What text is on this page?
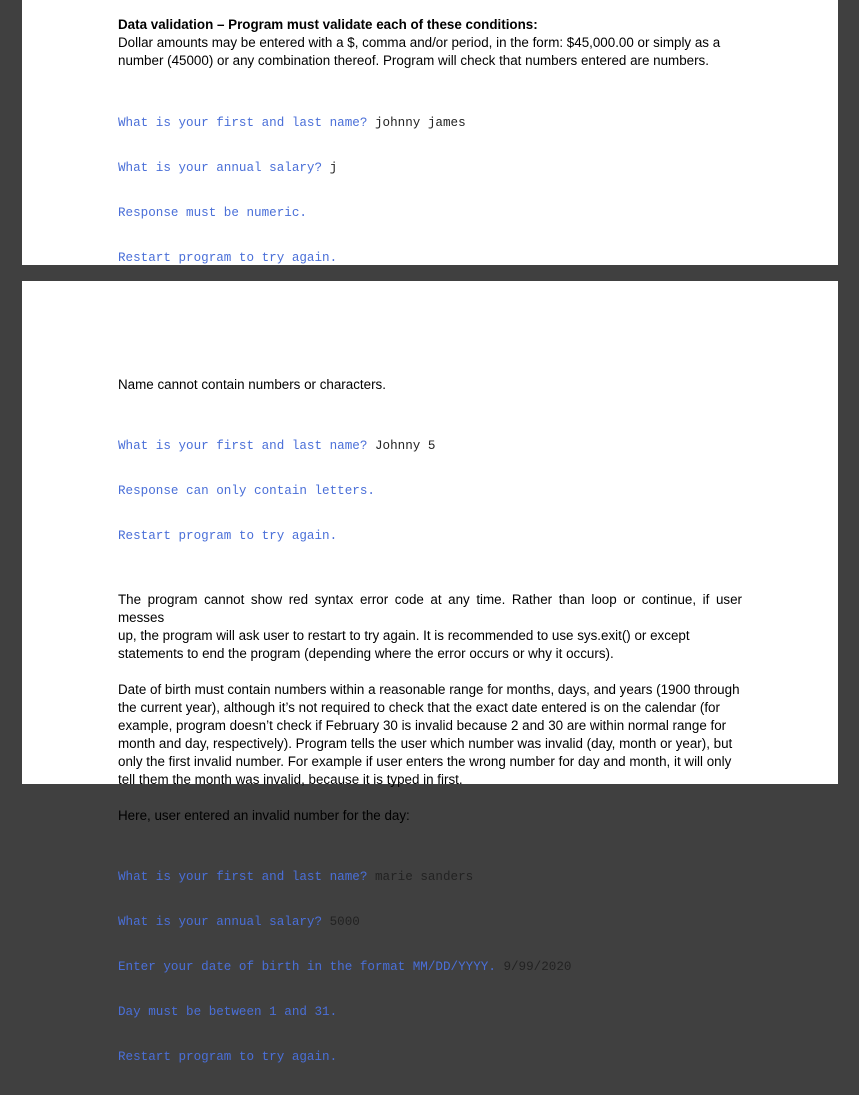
Data validation – Program must validate each of these conditions:

Dollar amounts may be entered with a $, comma and/or period, in the form: $45,000.00 or simply as a
number (45000) or any combination thereof. Program will check that numbers entered are numbers.

What is your first and last name? johnny james

What is your annual salary? j

Response must be numeric.

Restart program to try again.

Name cannot contain numbers or characters.

What is your first and last name? Johnny 5

Response can only contain letters.

Restart program to try again.

The program cannot show red syntax error code at any time. Rather than loop or continue, if user messes
up, the program will ask user to restart to try again. It is recommended to use sys.exit() or except
statements to end the program (depending where the error occurs or why it occurs).

Date of birth must contain numbers within a reasonable range for months, days, and years (1900 through
the current year), although it’s not required to check that the exact date entered is on the calendar (for
example, program doesn’t check if February 30 is invalid because 2 and 30 are within normal range for
month and day, respectively). Program tells the user which number was invalid (day, month or year), but
only the first invalid number. For example if user enters the wrong number for day and month, it will only
tell them the month was invalid, because it is typed in first.

Here, user entered an invalid number for the day:

What is your first and last name? marie sanders

What is your annual salary? 5000

Enter your date of birth in the format MM/DD/YYYY. 9/99/2020

Day must be between 1 and 31.

Restart program to try again.
